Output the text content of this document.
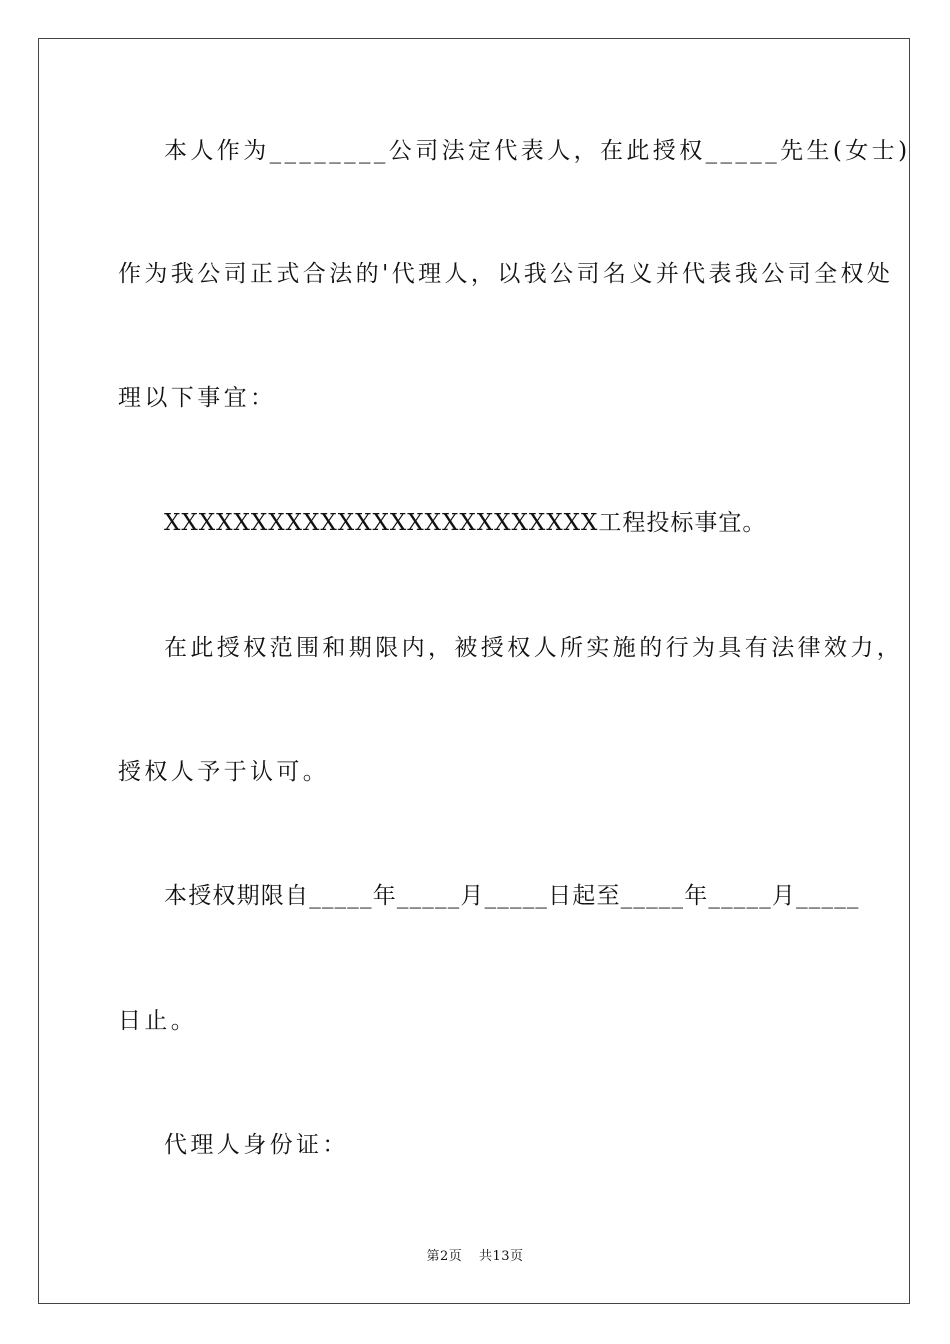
本人作为________公司法定代表人，在此授权_____先生(女士)
作为我公司正式合法的'代理人，以我公司名义并代表我公司全权处
理以下事宜：
XXXXXXXXXXXXXXXXXXXXXXXXX工程投标事宜。
在此授权范围和期限内，被授权人所实施的行为具有法律效力，
授权人予于认可。
本授权期限自_____年_____月_____日起至_____年_____月_____
日止。
代理人身份证：
第2页 共13页
